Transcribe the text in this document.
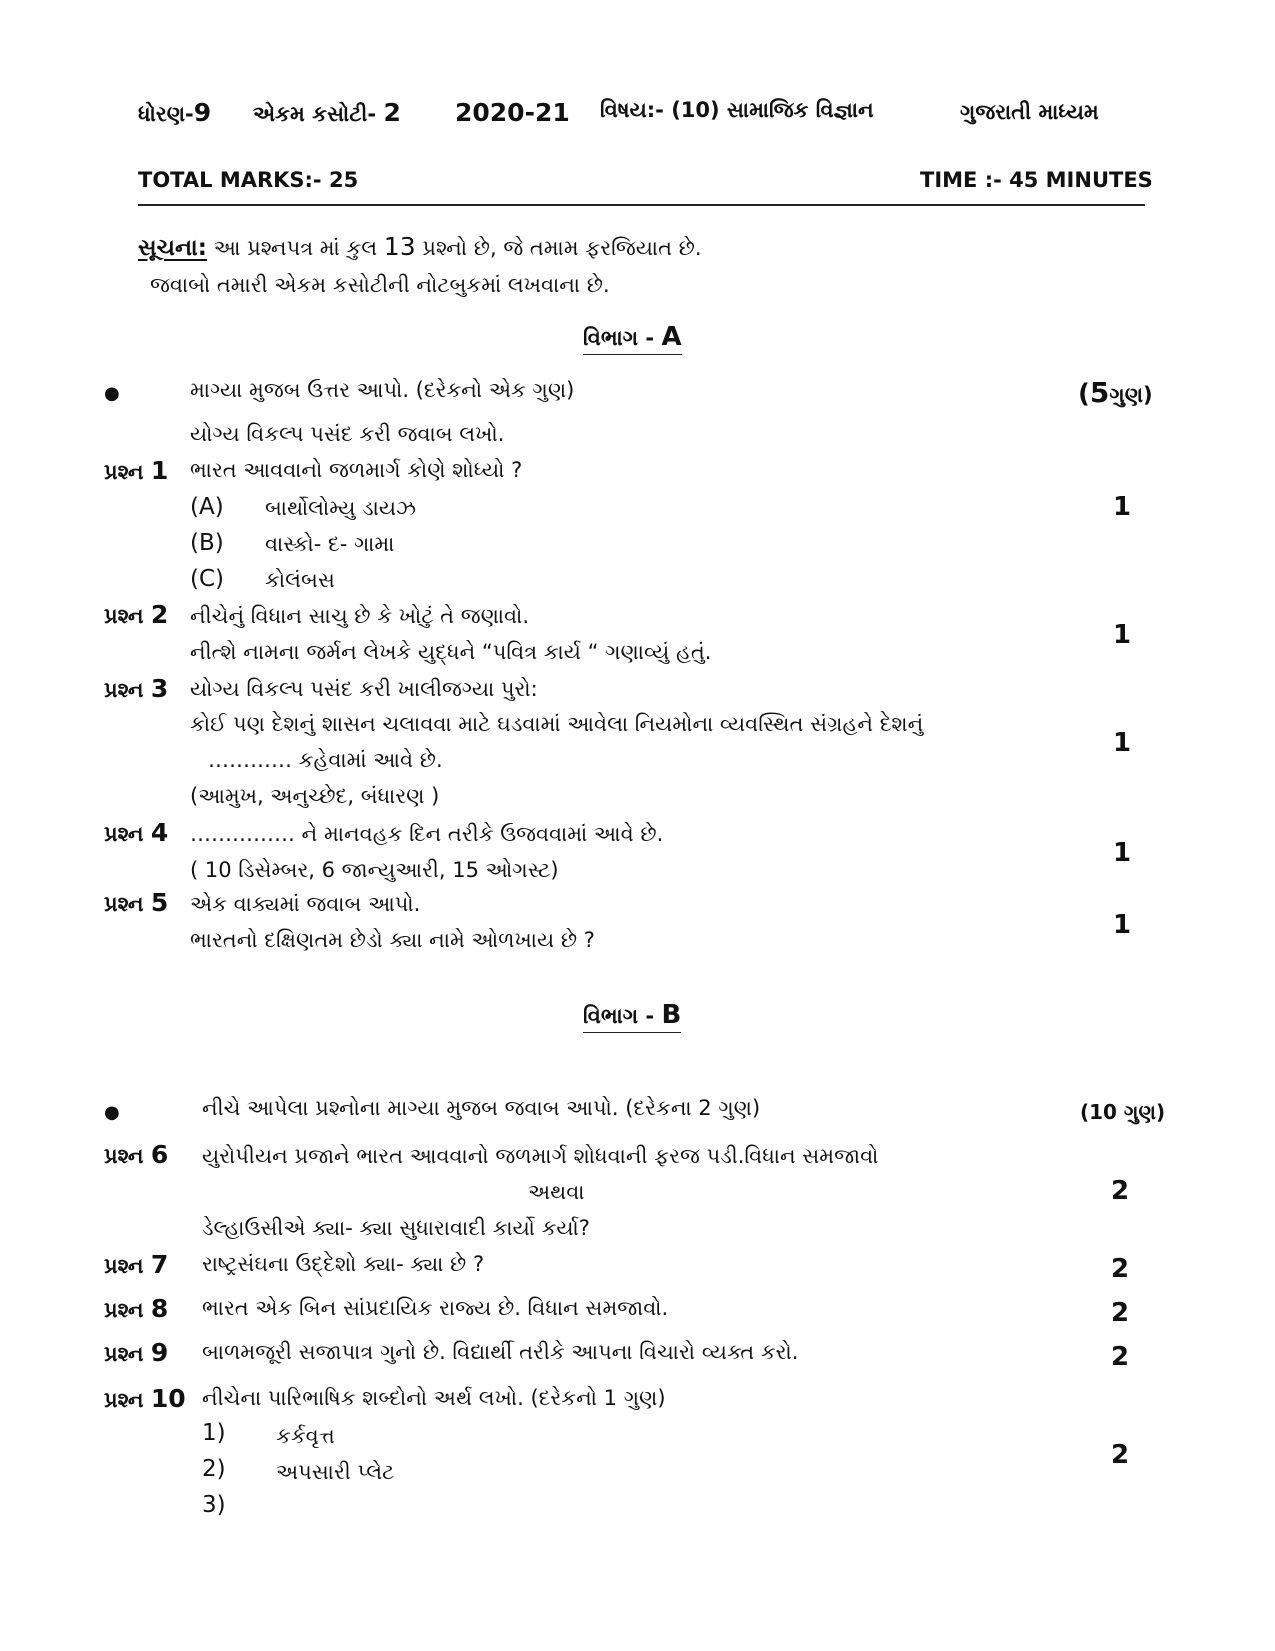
ધોરણ-9 એકમ કસોટી- 2 2020-21 વિષય:- (10) સામાજિક વિજ્ઞાન	ગુજરાતી માધ્યમ
TOTAL MARKS:- 25	TIME :- 45 MINUTES
સૂચના: આ પ્રશ્નપત્ર માં કુલ 13 પ્રશ્નો છે, જે તમામ ફરજિયાત છે.
જવાબો તમારી એકમ કસોટીની નોટબુકમાં લખવાના છે.
વિભાગ - A
●	માગ્યા મુજબ ઉત્તર આપો. (દરેકનો એક ગુણ)	(5ગુણ)
યોગ્ય વિકલ્પ પસંદ કરી જવાબ લખો.
પ્રશ્ન 1 ભારત આવવાનો જળમાર્ગ કોણે શોધ્યો ?
(A) બાર્થોલોમ્યુ ડાયઝ
(B) વાસ્કો- દ- ગામા
(C) કોલંબસ
1
પ્રશ્ન 2 નીચેનું વિધાન સાચુ છે કે ખોટું તે જણાવો.
નીત્શે નામના જર્મન લેખકે યુદ્ધને “પવિત્ર કાર્ય “ ગણાવ્યું હતું.
1
પ્રશ્ન 3 યોગ્ય વિકલ્પ પસંદ કરી ખાલીજગ્યા પુરો:
કોઈ પણ દેશનું શાસન ચલાવવા માટે ઘડવામાં આવેલા નિયમોના વ્યવસ્થિત સંગ્રહને દેશનું
………… કહેવામાં આવે છે.
(આમુખ, અનુચ્છેદ, બંધારણ )
1
પ્રશ્ન 4 …………… ને માનવહક દિન તરીકે ઉજવવામાં આવે છે.
( 10 ડિસેમ્બર, 6 જાન્યુઆરી, 15 ઓગસ્ટ)
1
પ્રશ્ન 5 એક વાક્યમાં જવાબ આપો.
ભારતનો દક્ષિણતમ છેડો ક્યા નામે ઓળખાય છે ?	1
વિભાગ - B
●	નીચે આપેલા પ્રશ્નોના માગ્યા મુજબ જવાબ આપો. (દરેકના 2 ગુણ)	(10 ગુણ)
પ્રશ્ન 6 યુરોપીયન પ્રજાને ભારત આવવાનો જળમાર્ગ શોધવાની ફરજ પડી.વિધાન સમજાવો
અથવા
ડેલ્હાઉસીએ ક્યા- ક્યા સુધારાવાદી કાર્યો કર્યા?
2
પ્રશ્ન 7 રાષ્ટ્રસંઘના ઉદ્દેશો ક્યા- ક્યા છે ?	2
પ્રશ્ન 8 ભારત એક બિન સાંપ્રદાયિક રાજ્ય છે. વિધાન સમજાવો.	2
પ્રશ્ન 9 બાળમજૂરી સજાપાત્ર ગુનો છે. વિદ્યાર્થી તરીકે આપના વિચારો વ્યક્ત કરો.	2
પ્રશ્ન 10 નીચેના પારિભાષિક શબ્દોનો અર્થ લખો. (દરેકનો 1 ગુણ)
1) કર્કવૃત્ત
2) અપસારી પ્લેટ
3)
2
